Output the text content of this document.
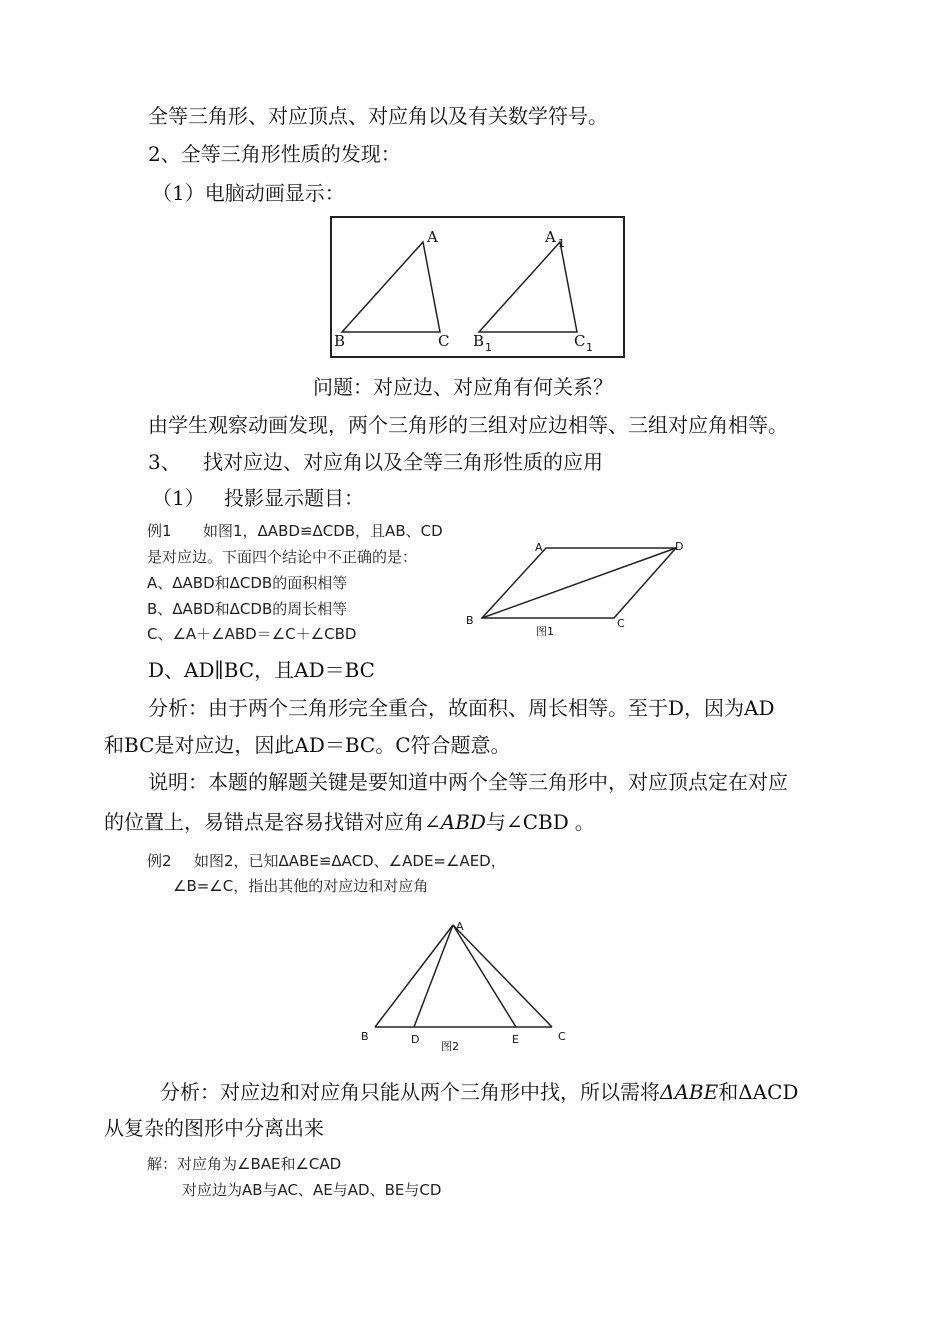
全等三角形、对应顶点、对应角以及有关数学符号。
2、全等三角形性质的发现：
（1）电脑动画显示：
A
B	C
A 1
B 1	C 1
问题：对应边、对应角有何关系？
由学生观察动画发现，两个三角形的三组对应边相等、三组对应角相等。
3、 找对应边、对应角以及全等三角形性质的应用
（1） 投影显示题目：
例1 如图1，ΔABD≌ΔCDB，且AB、CD
是对应边。下面四个结论中不正确的是：
A、ΔABD和ΔCDB的面积相等
B、ΔABD和ΔCDB的周长相等
C、∠A＋∠ABD＝∠C＋∠CBD
A	D
B	C
图1
D、AD∥BC，且AD＝BC
分析：由于两个三角形完全重合，故面积、周长相等。至于D，因为AD
和BC是对应边，因此AD＝BC。C符合题意。
说明：本题的解题关键是要知道中两个全等三角形中，对应顶点定在对应
的位置上，易错点是容易找错对应角∠ABD与∠CBD 。
例2 如图2，已知ΔABE≌ΔACD、∠ADE=∠AED，
∠B=∠C，指出其他的对应边和对应角
A
B	D	E	C
图2
分析：对应边和对应角只能从两个三角形中找，所以需将ΔABE和ΔACD
从复杂的图形中分离出来
解：对应角为∠BAE和∠CAD
对应边为AB与AC、AE与AD、BE与CD
